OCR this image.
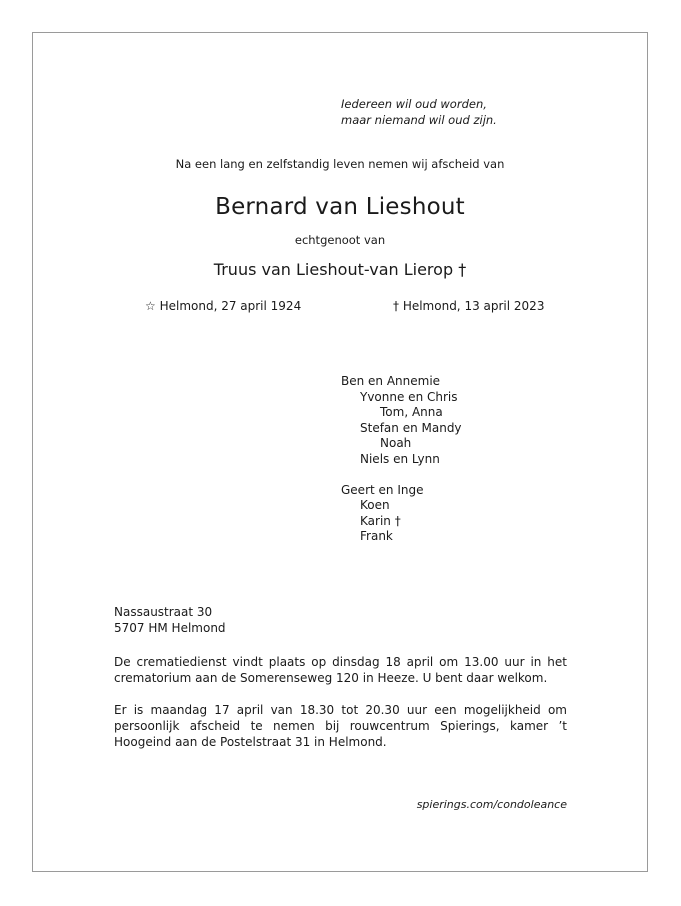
Iedereen wil oud worden,
maar niemand wil oud zijn.
Na een lang en zelfstandig leven nemen wij afscheid van
Bernard van Lieshout
echtgenoot van
Truus van Lieshout-van Lierop †
☆ Helmond, 27 april 1924	† Helmond, 13 april 2023
Ben en Annemie
Yvonne en Chris
Tom, Anna
Stefan en Mandy
Noah
Niels en Lynn
Geert en Inge
Koen
Karin †
Frank
Nassaustraat 30
5707 HM Helmond
De crematiedienst vindt plaats op dinsdag 18 april om 13.00 uur in het crematorium aan de Somerenseweg 120 in Heeze. U bent daar welkom.
Er is maandag 17 april van 18.30 tot 20.30 uur een mogelijkheid om persoonlijk afscheid te nemen bij rouwcentrum Spierings, kamer ’t Hoogeind aan de Postelstraat 31 in Helmond.
spierings.com/condoleance
